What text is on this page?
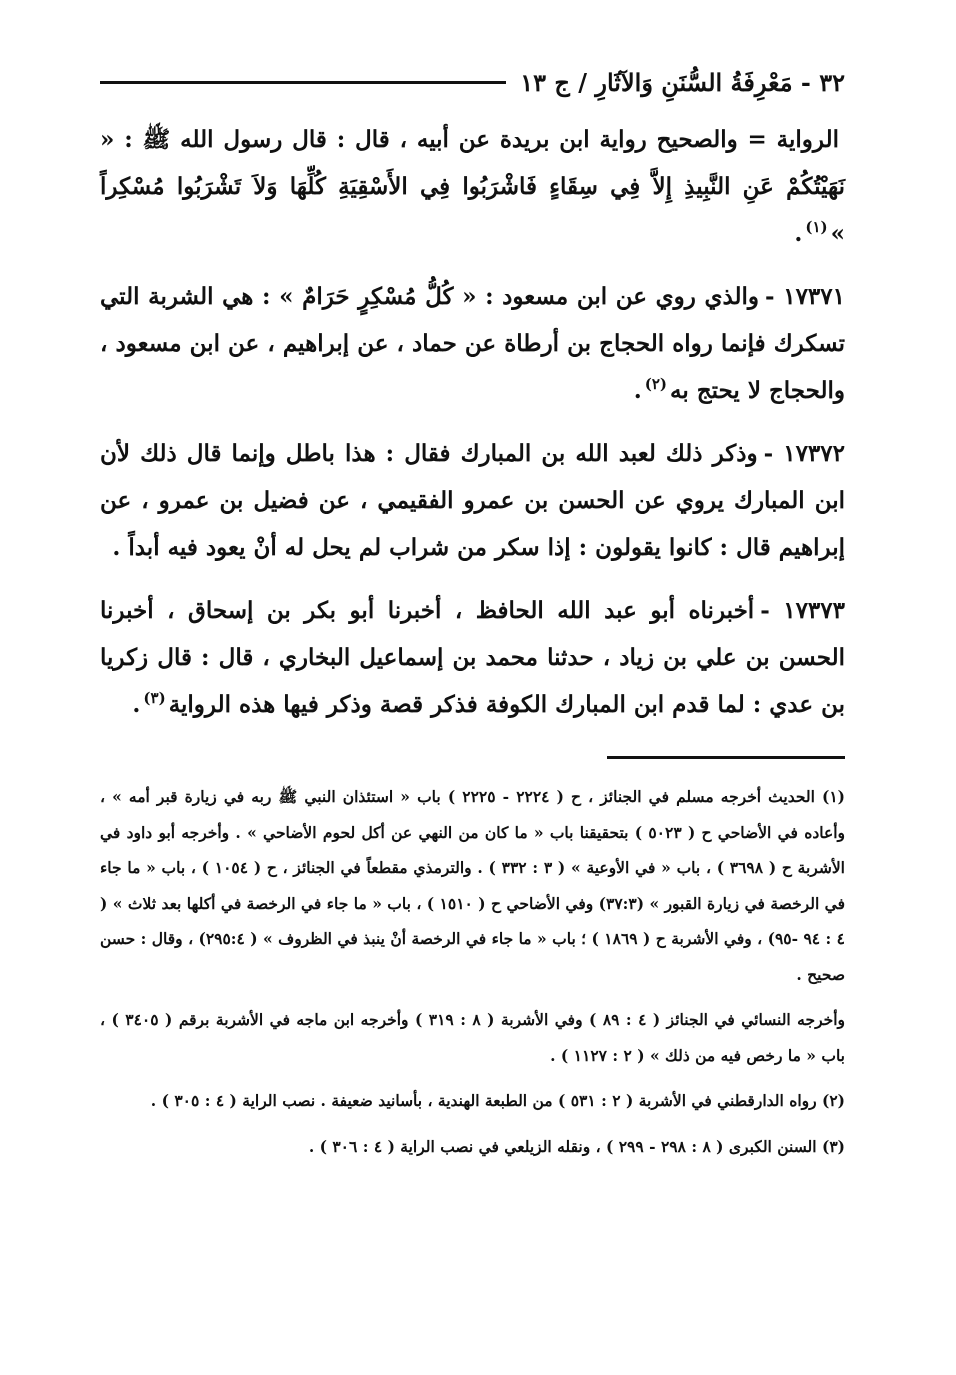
٣٢ - مَعْرِفَةُ السُّنَنِ وَالآثَارِ / ج ١٣

الرواية = والصحيح رواية ابن بريدة عن أبيه ، قال : قال رسول الله ﷺ : « نَهَيْتُكُمْ عَنِ النَّبِيذِ إِلاَّ فِي سِقَاءٍ فَاشْرَبُوا فِي الأَسْقِيَةِ كُلِّهَا وَلاَ تَشْرَبُوا مُسْكِراً »$^{(١)}$.

١٧٣٧١ -والذي روي عن ابن مسعود : « كُلُّ مُسْكِرٍ حَرَامٌ » : هي الشربة التي تسكرك فإنما رواه الحجاج بن أرطاة عن حماد ، عن إبراهيم ، عن ابن مسعود ، والحجاج لا يحتج به$^{(٢)}$.

١٧٣٧٢ -وذكر ذلك لعبد الله بن المبارك فقال : هذا باطل وإنما قال ذلك لأن ابن المبارك يروي عن الحسن بن عمرو الفقيمي ، عن فضيل بن عمرو ، عن إبراهيم قال : كانوا يقولون : إذا سكر من شراب لم يحل له أنْ يعود فيه أبداً .

١٧٣٧٣ -أخبرناه أبو عبد الله الحافظ ، أخبرنا أبو بكر بن إسحاق ، أخبرنا الحسن بن علي بن زياد ، حدثنا محمد بن إسماعيل البخاري ، قال : قال زكريا بن عدي : لما قدم ابن المبارك الكوفة فذكر قصة وذكر فيها هذه الرواية$^{(٣)}$.

(١) الحديث أخرجه مسلم في الجنائز ، ح ( ٢٢٢٤ - ٢٢٢٥ ) باب « استئذان النبي ﷺ ربه في زيارة قبر أمه » ، وأعاده في الأضاحي ح ( ٥٠٢٣ ) بتحقيقنا باب « ما كان من النهي عن أكل لحوم الأضاحي » . وأخرجه أبو داود في الأشربة ح ( ٣٦٩٨ ) ، باب « في الأوعية » ( ٣ : ٣٣٢ ) . والترمذي مقطعاً في الجنائز ، ح ( ١٠٥٤ ) ، باب « ما جاء في الرخصة في زيارة القبور » (٣٧:٣) وفي الأضاحي ح ( ١٥١٠ ) ، باب « ما جاء في الرخصة في أكلها بعد ثلاث » ( ٤ : ٩٤ -٩٥) ، وفي الأشربة ح ( ١٨٦٩ ) ؛ باب « ما جاء في الرخصة أنْ ينبذ في الظروف » ( ٢٩٥:٤) ، وقال : حسن صحيح .

وأخرجه النسائي في الجنائز ( ٤ : ٨٩ ) وفي الأشربة ( ٨ : ٣١٩ ) وأخرجه ابن ماجه في الأشربة برقم ( ٣٤٠٥ ) ، باب « ما رخص فيه من ذلك » ( ٢ : ١١٢٧ ) .

(٢) رواه الدارقطني في الأشربة ( ٢ : ٥٣١ ) من الطبعة الهندية ، بأسانيد ضعيفة . نصب الراية ( ٤ : ٣٠٥ ) .

(٣) السنن الكبرى ( ٨ : ٢٩٨ - ٢٩٩ ) ، ونقله الزيلعي في نصب الراية ( ٤ : ٣٠٦ ) .
